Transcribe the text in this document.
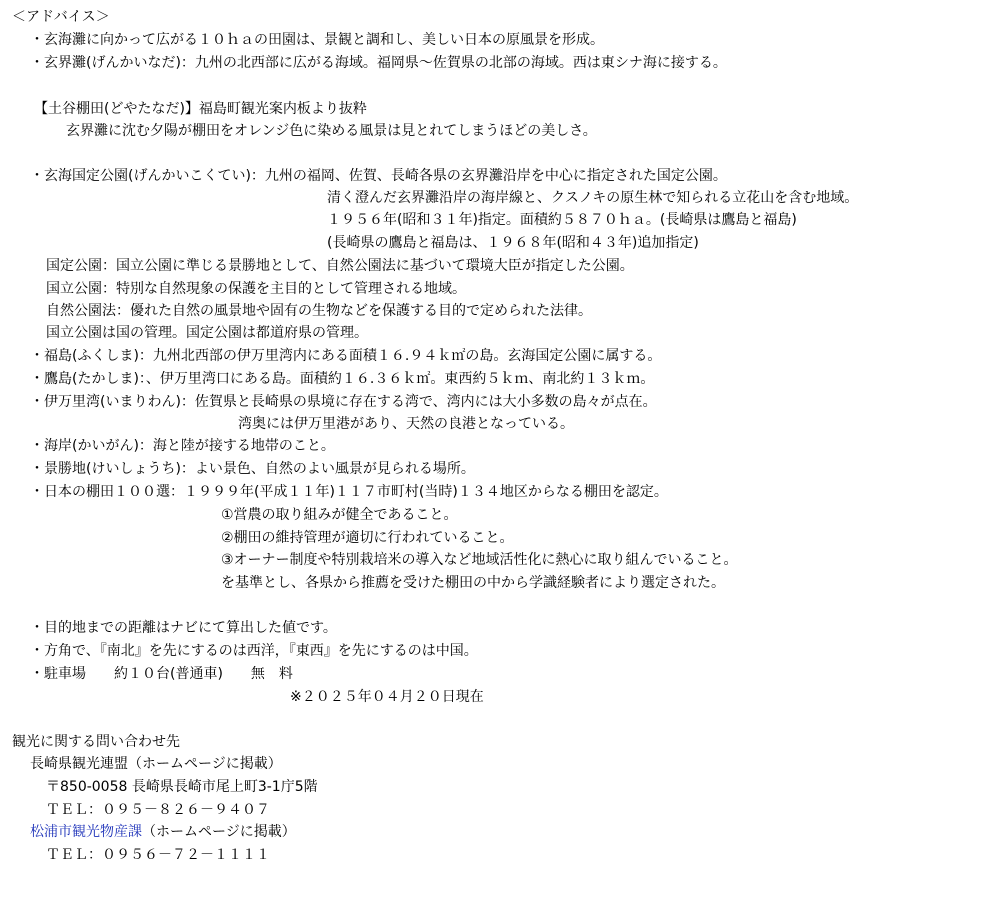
＜アドバイス＞

・玄海灘に向かって広がる１０ｈａの田園は、景観と調和し、美しい日本の原風景を形成。

・玄界灘(げんかいなだ)：九州の北西部に広がる海域。福岡県～佐賀県の北部の海域。西は東シナ海に接する。

【土谷棚田(どやたなだ)】福島町観光案内板より抜粋

玄界灘に沈む夕陽が棚田をオレンジ色に染める風景は見とれてしまうほどの美しさ。

・玄海国定公園(げんかいこくてい)：九州の福岡、佐賀、長崎各県の玄界灘沿岸を中心に指定された国定公園。

清く澄んだ玄界灘沿岸の海岸線と、クスノキの原生林で知られる立花山を含む地域。

１９５６年(昭和３１年)指定。面積約５８７０ｈａ。(長崎県は鷹島と福島)

(長崎県の鷹島と福島は、１９６８年(昭和４３年)追加指定)

国定公園：国立公園に準じる景勝地として、自然公園法に基づいて環境大臣が指定した公園。

国立公園：特別な自然現象の保護を主目的として管理される地域。

自然公園法：優れた自然の風景地や固有の生物などを保護する目的で定められた法律。

国立公園は国の管理。国定公園は都道府県の管理。

・福島(ふくしま)：九州北西部の伊万里湾内にある面積１６.９４ｋ㎡の島。玄海国定公園に属する。

・鷹島(たかしま)：、伊万里湾口にある島。面積約１６.３６ｋ㎡。東西約５ｋｍ、南北約１３ｋｍ。

・伊万里湾(いまりわん)：佐賀県と長崎県の県境に存在する湾で、湾内には大小多数の島々が点在。

湾奥には伊万里港があり、天然の良港となっている。

・海岸(かいがん)：海と陸が接する地帯のこと。

・景勝地(けいしょうち)：よい景色、自然のよい風景が見られる場所。

・日本の棚田１００選：１９９９年(平成１１年)１１７市町村(当時)１３４地区からなる棚田を認定。

①営農の取り組みが健全であること。

②棚田の維持管理が適切に行われていること。

③オーナー制度や特別栽培米の導入など地域活性化に熱心に取り組んでいること。

を基準とし、各県から推薦を受けた棚田の中から学識経験者により選定された。

・目的地までの距離はナビにて算出した値です。

・方角で、『南北』を先にするのは西洋，『東西』を先にするのは中国。

・駐車場　　約１０台(普通車)　　無　料

※２０２５年０４月２０日現在

観光に関する問い合わせ先

長崎県観光連盟（ホームページに掲載）

〒850-0058 長崎県長崎市尾上町3-1庁5階

ＴＥＬ：０９５－８２６－９４０７

松浦市観光物産課（ホームページに掲載）

ＴＥＬ：０９５６－７２－１１１１
